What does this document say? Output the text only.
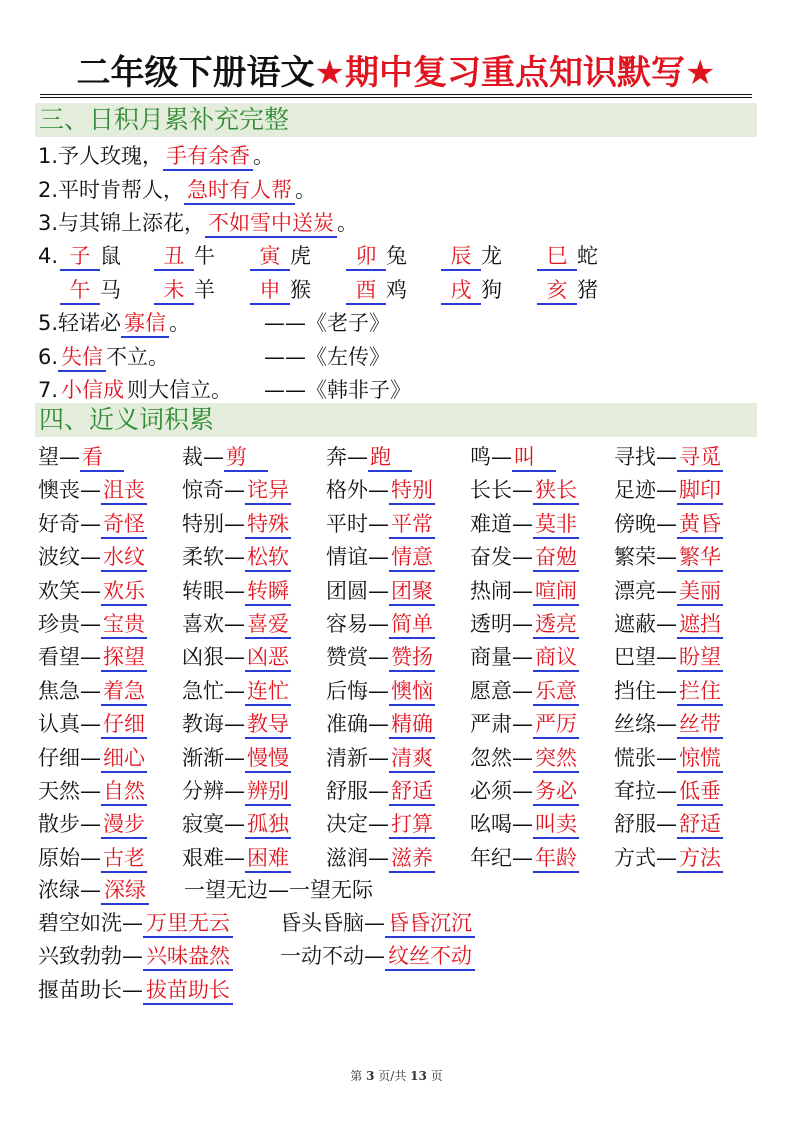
二年级下册语文★期中复习重点知识默写★
三、日积月累补充完整
1.予人玫瑰， 手有余香 。
2.平时肯帮人， 急时有人帮 。
3.与其锦上添花， 不如雪中送炭 。
4. 子 鼠	丑 牛	寅 虎	卯 兔	辰 龙	巳 蛇
午 马	未 羊	申 猴	酉 鸡	戌 狗	亥 猪
5.轻诺必 寡信 。	——《老子》
6. 失信 不立。	——《左传》
7. 小信成 则大信立。 ——《韩非子》
四、近义词积累
望—看	裁—剪	奔—跑	鸣—叫	寻找—寻觅
懊丧—沮丧 惊奇—诧异 格外—特别 长长—狭长 足迹—脚印
好奇—奇怪 特别—特殊 平时—平常 难道—莫非 傍晚—黄昏
波纹—水纹 柔软—松软 情谊—情意 奋发—奋勉 繁荣—繁华
欢笑—欢乐 转眼—转瞬 团圆—团聚 热闹—喧闹 漂亮—美丽
珍贵—宝贵 喜欢—喜爱 容易—简单 透明—透亮 遮蔽—遮挡
看望—探望 凶狠—凶恶 赞赏—赞扬 商量—商议 巴望—盼望
焦急—着急 急忙—连忙 后悔—懊恼 愿意—乐意 挡住—拦住
认真—仔细 教诲—教导 准确—精确 严肃—严厉 丝绦—丝带
仔细—细心 渐渐—慢慢 清新—清爽 忽然—突然 慌张—惊慌
天然—自然 分辨—辨别 舒服—舒适 必须—务必 耷拉—低垂
散步—漫步 寂寞—孤独 决定—打算 吆喝—叫卖 舒服—舒适
原始—古老 艰难—困难 滋润—滋养 年纪—年龄 方式—方法
浓绿— 深绿 一望无边—一望无际
碧空如洗— 万里无云 昏头昏脑— 昏昏沉沉
兴致勃勃— 兴味盎然 一动不动— 纹丝不动
揠苗助长— 拔苗助长
第 3 页/共 13 页
